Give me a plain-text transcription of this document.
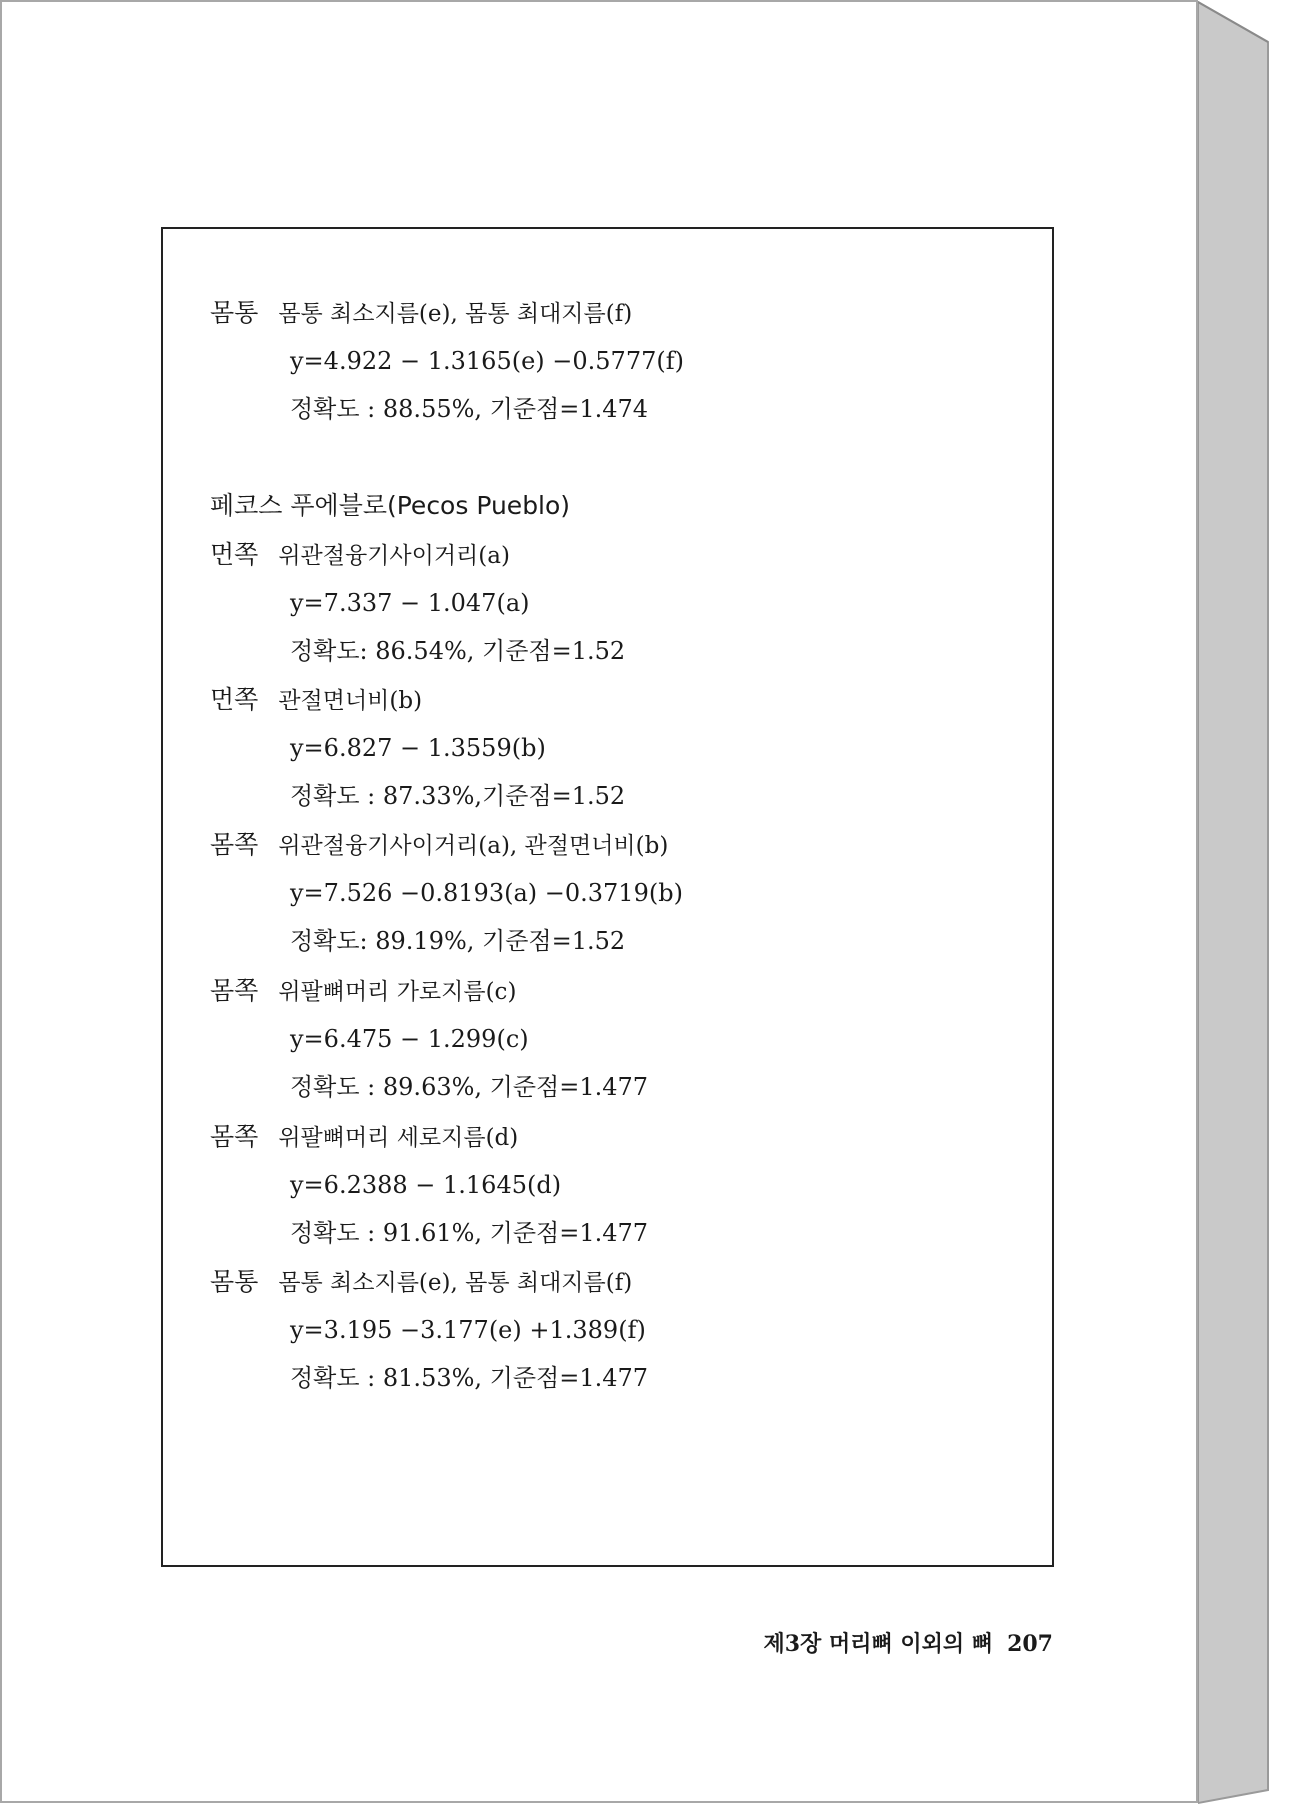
몸통 몸통 최소지름(e), 몸통 최대지름(f)
y=4.922 − 1.3165(e) −0.5777(f)
정확도 : 88.55%, 기준점=1.474
페코스 푸에블로(Pecos Pueblo)
먼쪽 위관절융기사이거리(a)
y=7.337 − 1.047(a)
정확도: 86.54%, 기준점=1.52
먼쪽 관절면너비(b)
y=6.827 − 1.3559(b)
정확도 : 87.33%,기준점=1.52
몸쪽 위관절융기사이거리(a), 관절면너비(b)
y=7.526 −0.8193(a) −0.3719(b)
정확도: 89.19%, 기준점=1.52
몸쪽 위팔뼈머리 가로지름(c)
y=6.475 − 1.299(c)
정확도 : 89.63%, 기준점=1.477
몸쪽 위팔뼈머리 세로지름(d)
y=6.2388 − 1.1645(d)
정확도 : 91.61%, 기준점=1.477
몸통 몸통 최소지름(e), 몸통 최대지름(f)
y=3.195 −3.177(e) +1.389(f)
정확도 : 81.53%, 기준점=1.477
제3장 머리뼈 이외의 뼈 207
